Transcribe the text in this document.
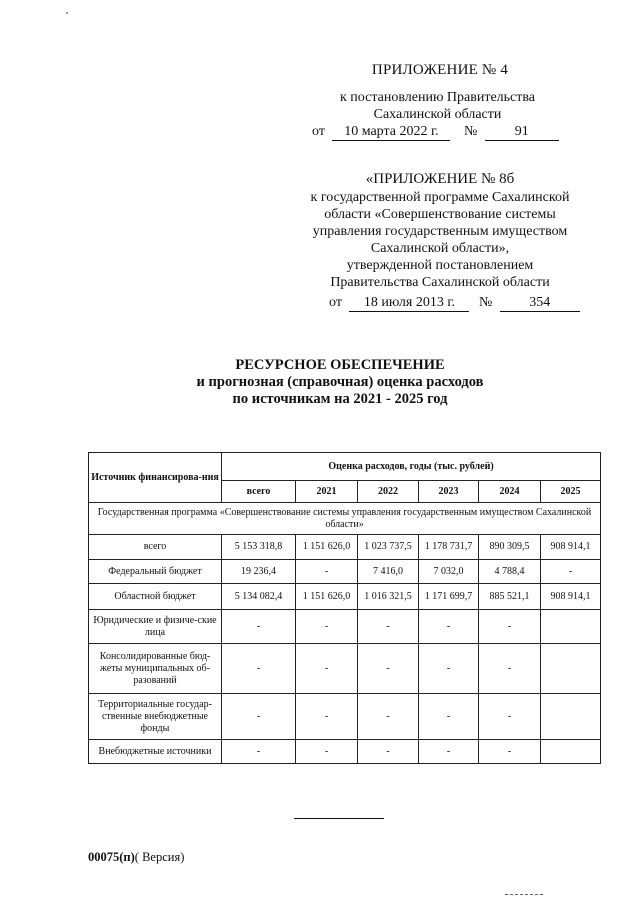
ПРИЛОЖЕНИЕ № 4
к постановлению Правительства
Сахалинской области
от 10 марта 2022 г. №	91
«ПРИЛОЖЕНИЕ № 8б
к государственной программе Сахалинской
области «Совершенствование системы
управления государственным имуществом
Сахалинской области»,
утвержденной постановлением
Правительства Сахалинской области
от 18 июля 2013 г. №	354
РЕСУРСНОЕ ОБЕСПЕЧЕНИЕ
и прогнозная (справочная) оценка расходов
по источникам на 2021 - 2025 год
Источник финансирова-ния	Оценка расходов, годы (тыс. рублей)					
	всего	2021	2022	2023	2024	2025
Государственная программа «Совершенствование системы управления государственным имуществом Сахалинской области»						
всего	5 153 318,8	1 151 626,0	1 023 737,5	1 178 731,7	890 309,5	908 914,1
Федеральный бюджет	19 236,4	-	7 416,0	7 032,0	4 788,4	-
Областной бюджет	5 134 082,4	1 151 626,0	1 016 321,5	1 171 699,7	885 521,1	908 914,1
Юридические и физиче-ские лица	-	-	-	-	-	
Консолидированные бюд-жеты муниципальных об-разований	-	-	-	-	-	
Территориальные государ-ственные внебюджетные фонды	-	-	-	-	-	
Внебюджетные источники	-	-	-	-	-	
00075(п)( Версия)
